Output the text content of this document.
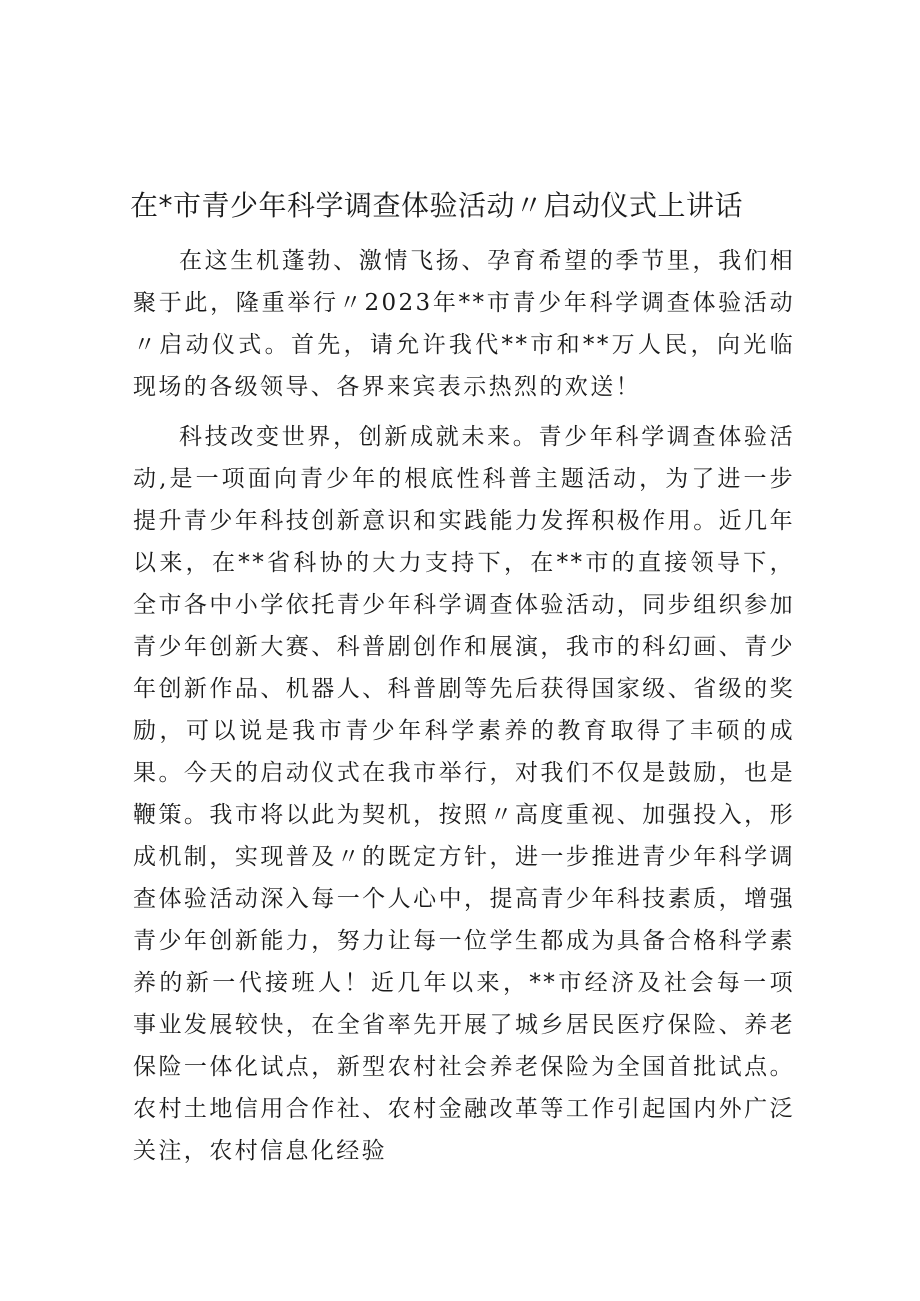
在*市青少年科学调查体验活动〃启动仪式上讲话

在这生机蓬勃、激情飞扬、孕育希望的季节里，我们相聚于此，隆重举行〃2023年**市青少年科学调查体验活动〃启动仪式。首先，请允许我代**市和**万人民，向光临现场的各级领导、各界来宾表示热烈的欢送！

科技改变世界，创新成就未来。青少年科学调查体验活动,是一项面向青少年的根底性科普主题活动，为了进一步提升青少年科技创新意识和实践能力发挥积极作用。近几年以来，在**省科协的大力支持下，在**市的直接领导下，全市各中小学依托青少年科学调查体验活动，同步组织参加青少年创新大赛、科普剧创作和展演，我市的科幻画、青少年创新作品、机器人、科普剧等先后获得国家级、省级的奖励，可以说是我市青少年科学素养的教育取得了丰硕的成果。今天的启动仪式在我市举行，对我们不仅是鼓励，也是鞭策。我市将以此为契机，按照〃高度重视、加强投入，形成机制，实现普及〃的既定方针，进一步推进青少年科学调查体验活动深入每一个人心中，提高青少年科技素质，增强青少年创新能力，努力让每一位学生都成为具备合格科学素养的新一代接班人！近几年以来，**市经济及社会每一项事业发展较快，在全省率先开展了城乡居民医疗保险、养老保险一体化试点，新型农村社会养老保险为全国首批试点。农村土地信用合作社、农村金融改革等工作引起国内外广泛关注，农村信息化经验
